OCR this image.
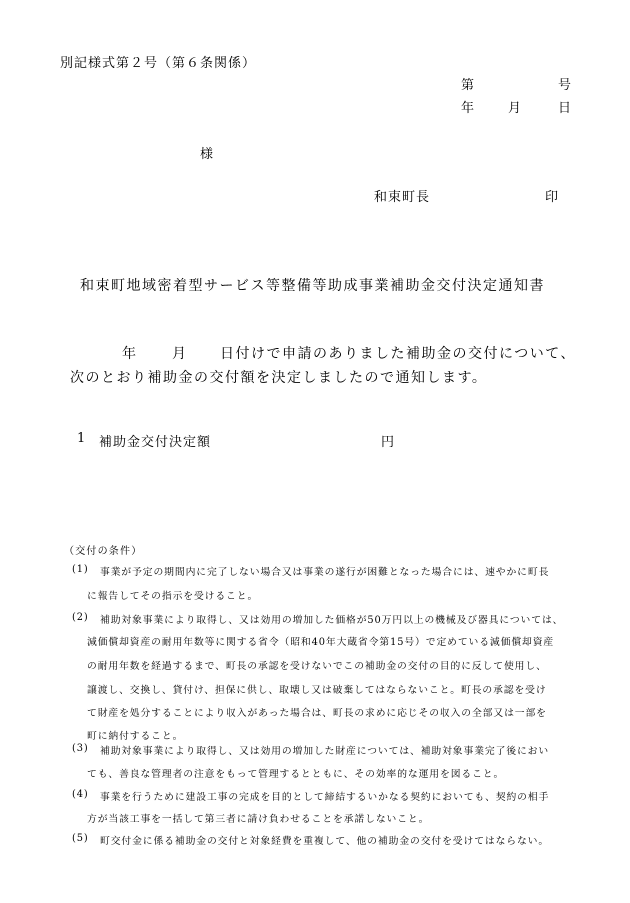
別記様式第２号（第６条関係）
第	号
年	月	日
様
和束町長	印
和束町地域密着型サービス等整備等助成事業補助金交付決定通知書
年 月 日付けで申請のありました補助金の交付について、
次のとおり補助金の交付額を決定しましたので通知します。
1 補助金交付決定額	円
（交付の条件）
(1) 事業が予定の期間内に完了しない場合又は事業の遂行が困難となった場合には、速やかに町長
に報告してその指示を受けること。
(2) 補助対象事業により取得し、又は効用の増加した価格が50万円以上の機械及び器具については、
減価償却資産の耐用年数等に関する省令（昭和40年大蔵省令第15号）で定めている減価償却資産
の耐用年数を経過するまで、町長の承認を受けないでこの補助金の交付の目的に反して使用し、
譲渡し、交換し、貸付け、担保に供し、取壊し又は破棄してはならないこと。町長の承認を受け
て財産を処分することにより収入があった場合は、町長の求めに応じその収入の全部又は一部を
町に納付すること。
(3) 補助対象事業により取得し、又は効用の増加した財産については、補助対象事業完了後におい
ても、善良な管理者の注意をもって管理するとともに、その効率的な運用を図ること。
(4) 事業を行うために建設工事の完成を目的として締結するいかなる契約においても、契約の相手
方が当該工事を一括して第三者に請け負わせることを承諾しないこと。
(5) 町交付金に係る補助金の交付と対象経費を重複して、他の補助金の交付を受けてはならない。
